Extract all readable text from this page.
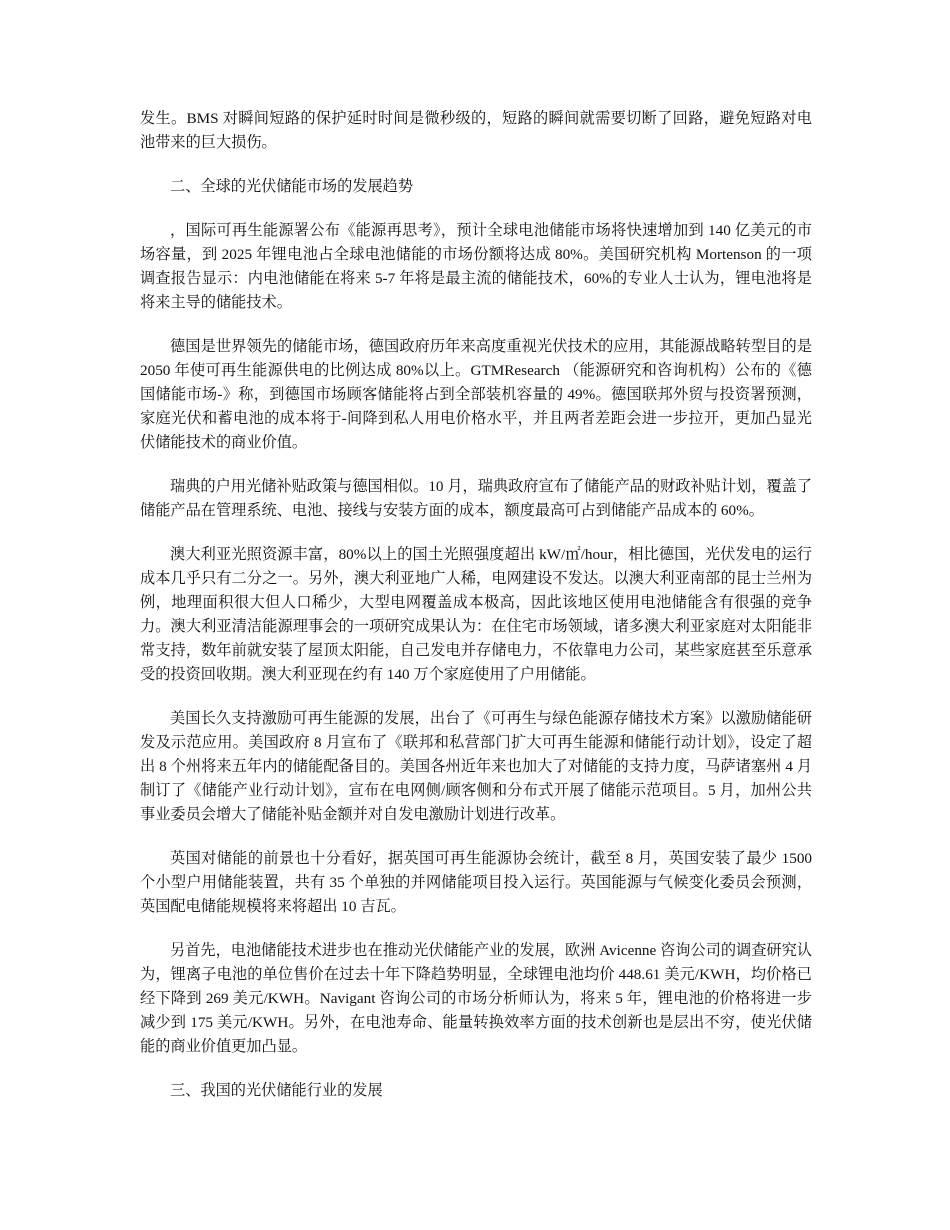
发生。BMS 对瞬间短路的保护延时时间是微秒级的，短路的瞬间就需要切断了回路，避免短路对电池带来的巨大损伤。

二、全球的光伏储能市场的发展趋势

，国际可再生能源署公布《能源再思考》，预计全球电池储能市场将快速增加到 140 亿美元的市场容量，到 2025 年锂电池占全球电池储能的市场份额将达成 80%。美国研究机构 Mortenson 的一项调查报告显示：内电池储能在将来 5-7 年将是最主流的储能技术，60%的专业人士认为，锂电池将是将来主导的储能技术。

德国是世界领先的储能市场，德国政府历年来高度重视光伏技术的应用，其能源战略转型目的是 2050 年使可再生能源供电的比例达成 80%以上。GTMResearch （能源研究和咨询机构）公布的《德国储能市场-》称，到德国市场顾客储能将占到全部装机容量的 49%。德国联邦外贸与投资署预测，家庭光伏和蓄电池的成本将于-间降到私人用电价格水平，并且两者差距会进一步拉开，更加凸显光伏储能技术的商业价值。

瑞典的户用光储补贴政策与德国相似。10 月，瑞典政府宣布了储能产品的财政补贴计划，覆盖了储能产品在管理系统、电池、接线与安装方面的成本，额度最高可占到储能产品成本的 60%。

澳大利亚光照资源丰富，80%以上的国土光照强度超出 kW/㎡/hour，相比德国，光伏发电的运行成本几乎只有二分之一。另外，澳大利亚地广人稀，电网建设不发达。以澳大利亚南部的昆士兰州为例，地理面积很大但人口稀少，大型电网覆盖成本极高，因此该地区使用电池储能含有很强的竞争力。澳大利亚清洁能源理事会的一项研究成果认为：在住宅市场领域，诸多澳大利亚家庭对太阳能非常支持，数年前就安装了屋顶太阳能，自己发电并存储电力，不依靠电力公司，某些家庭甚至乐意承受的投资回收期。澳大利亚现在约有 140 万个家庭使用了户用储能。

美国长久支持激励可再生能源的发展，出台了《可再生与绿色能源存储技术方案》以激励储能研发及示范应用。美国政府 8 月宣布了《联邦和私营部门扩大可再生能源和储能行动计划》，设定了超出 8 个州将来五年内的储能配备目的。美国各州近年来也加大了对储能的支持力度，马萨诸塞州 4 月制订了《储能产业行动计划》，宣布在电网侧/顾客侧和分布式开展了储能示范项目。5 月，加州公共事业委员会增大了储能补贴金额并对自发电激励计划进行改革。

英国对储能的前景也十分看好，据英国可再生能源协会统计，截至 8 月，英国安装了最少 1500 个小型户用储能装置，共有 35 个单独的并网储能项目投入运行。英国能源与气候变化委员会预测，英国配电储能规模将来将超出 10 吉瓦。

另首先，电池储能技术进步也在推动光伏储能产业的发展，欧洲 Avicenne 咨询公司的调查研究认为，锂离子电池的单位售价在过去十年下降趋势明显，全球锂电池均价 448.61 美元/KWH，均价格已经下降到 269 美元/KWH。Navigant 咨询公司的市场分析师认为，将来 5 年，锂电池的价格将进一步减少到 175 美元/KWH。另外，在电池寿命、能量转换效率方面的技术创新也是层出不穷，使光伏储能的商业价值更加凸显。

三、我国的光伏储能行业的发展
